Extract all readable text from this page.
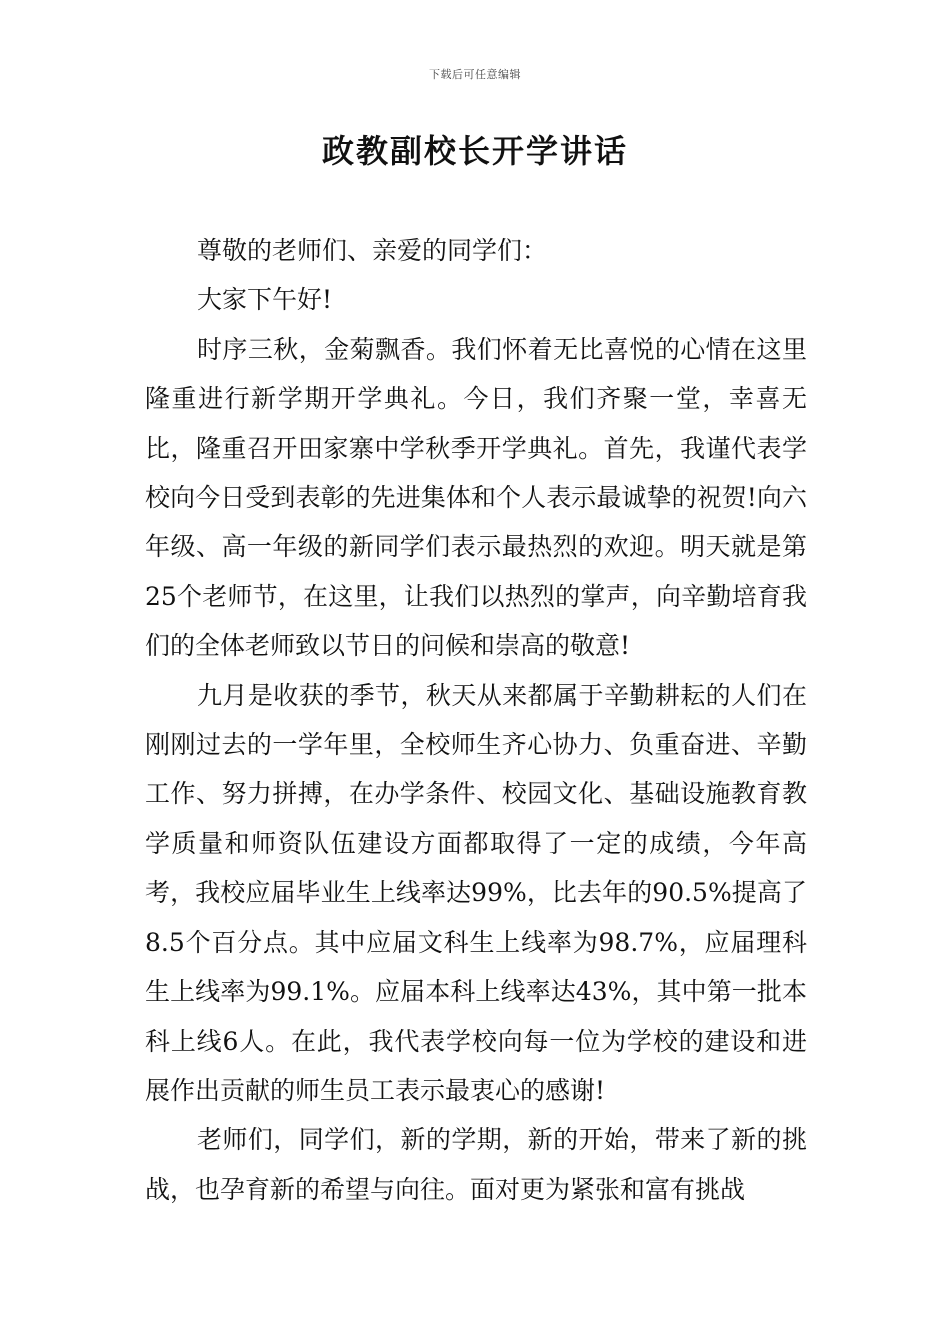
下载后可任意编辑
政教副校长开学讲话

尊敬的老师们、亲爱的同学们：

大家下午好!

时序三秋，金菊飘香。我们怀着无比喜悦的心情在这里隆重进行新学期开学典礼。今日，我们齐聚一堂，幸喜无比，隆重召开田家寨中学秋季开学典礼。首先，我谨代表学校向今日受到表彰的先进集体和个人表示最诚挚的祝贺!向六年级、高一年级的新同学们表示最热烈的欢迎。明天就是第25个老师节，在这里，让我们以热烈的掌声，向辛勤培育我们的全体老师致以节日的问候和崇高的敬意!

九月是收获的季节，秋天从来都属于辛勤耕耘的人们在刚刚过去的一学年里，全校师生齐心协力、负重奋进、辛勤工作、努力拼搏，在办学条件、校园文化、基础设施教育教学质量和师资队伍建设方面都取得了一定的成绩，今年高考，我校应届毕业生上线率达99%，比去年的90.5%提高了8.5个百分点。其中应届文科生上线率为98.7%，应届理科生上线率为99.1%。应届本科上线率达43%，其中第一批本科上线6人。在此，我代表学校向每一位为学校的建设和进展作出贡献的师生员工表示最衷心的感谢!

老师们，同学们，新的学期，新的开始，带来了新的挑战，也孕育新的希望与向往。面对更为紧张和富有挑战
